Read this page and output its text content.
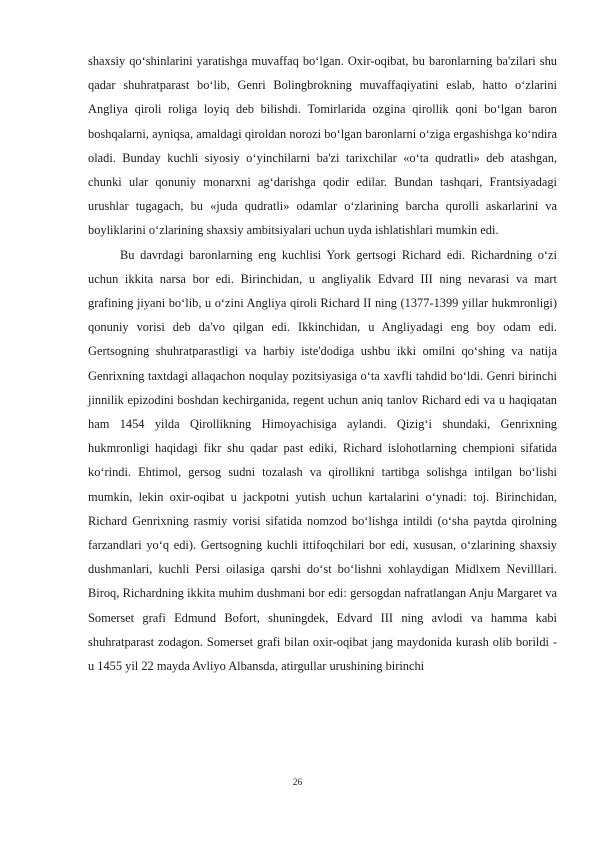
shaxsiy qo‘shinlarini yaratishga muvaffaq bo‘lgan. Oxir-oqibat, bu baronlarning ba'zilari shu qadar shuhratparast bo‘lib, Genri Bolingbrokning muvaffaqiyatini eslab, hatto o‘zlarini Angliya qiroli roliga loyiq deb bilishdi. Tomirlarida ozgina qirollik qoni bo‘lgan baron boshqalarni, ayniqsa, amaldagi qiroldan norozi bo‘lgan baronlarni o‘ziga ergashishga ko‘ndira oladi. Bunday kuchli siyosiy o‘yinchilarni ba'zi tarixchilar «o‘ta qudratli» deb atashgan, chunki ular qonuniy monarxni ag‘darishga qodir edilar. Bundan tashqari, Frantsiyadagi urushlar tugagach, bu «juda qudratli» odamlar o‘zlarining barcha qurolli askarlarini va boyliklarini o‘zlarining shaxsiy ambitsiyalari uchun uyda ishlatishlari mumkin edi.

Bu davrdagi baronlarning eng kuchlisi York gertsogi Richard edi. Richardning o‘zi uchun ikkita narsa bor edi. Birinchidan, u angliyalik Edvard III ning nevarasi va mart grafining jiyani bo‘lib, u o‘zini Angliya qiroli Richard II ning (1377-1399 yillar hukmronligi) qonuniy vorisi deb da'vo qilgan edi. Ikkinchidan, u Angliyadagi eng boy odam edi. Gertsogning shuhratparastligi va harbiy iste'dodiga ushbu ikki omilni qo‘shing va natija Genrixning taxtdagi allaqachon noqulay pozitsiyasiga o‘ta xavfli tahdid bo‘ldi. Genri birinchi jinnilik epizodini boshdan kechirganida, regent uchun aniq tanlov Richard edi va u haqiqatan ham 1454 yilda Qirollikning Himoyachisiga aylandi. Qizig‘i shundaki, Genrixning hukmronligi haqidagi fikr shu qadar past ediki, Richard islohotlarning chempioni sifatida ko‘rindi. Ehtimol, gersog sudni tozalash va qirollikni tartibga solishga intilgan bo‘lishi mumkin, lekin oxir-oqibat u jackpotni yutish uchun kartalarini o‘ynadi: toj. Birinchidan, Richard Genrixning rasmiy vorisi sifatida nomzod bo‘lishga intildi (o‘sha paytda qirolning farzandlari yo‘q edi). Gertsogning kuchli ittifoqchilari bor edi, xususan, o‘zlarining shaxsiy dushmanlari, kuchli Persi oilasiga qarshi do‘st bo‘lishni xohlaydigan Midlxem Nevilllari. Biroq, Richardning ikkita muhim dushmani bor edi: gersogdan nafratlangan Anju Margaret va Somerset grafi Edmund Bofort, shuningdek, Edvard III ning avlodi va hamma kabi shuhratparast zodagon. Somerset grafi bilan oxir-oqibat jang maydonida kurash olib borildi - u 1455 yil 22 mayda Avliyo Albansda, atirgullar urushining birinchi

26
